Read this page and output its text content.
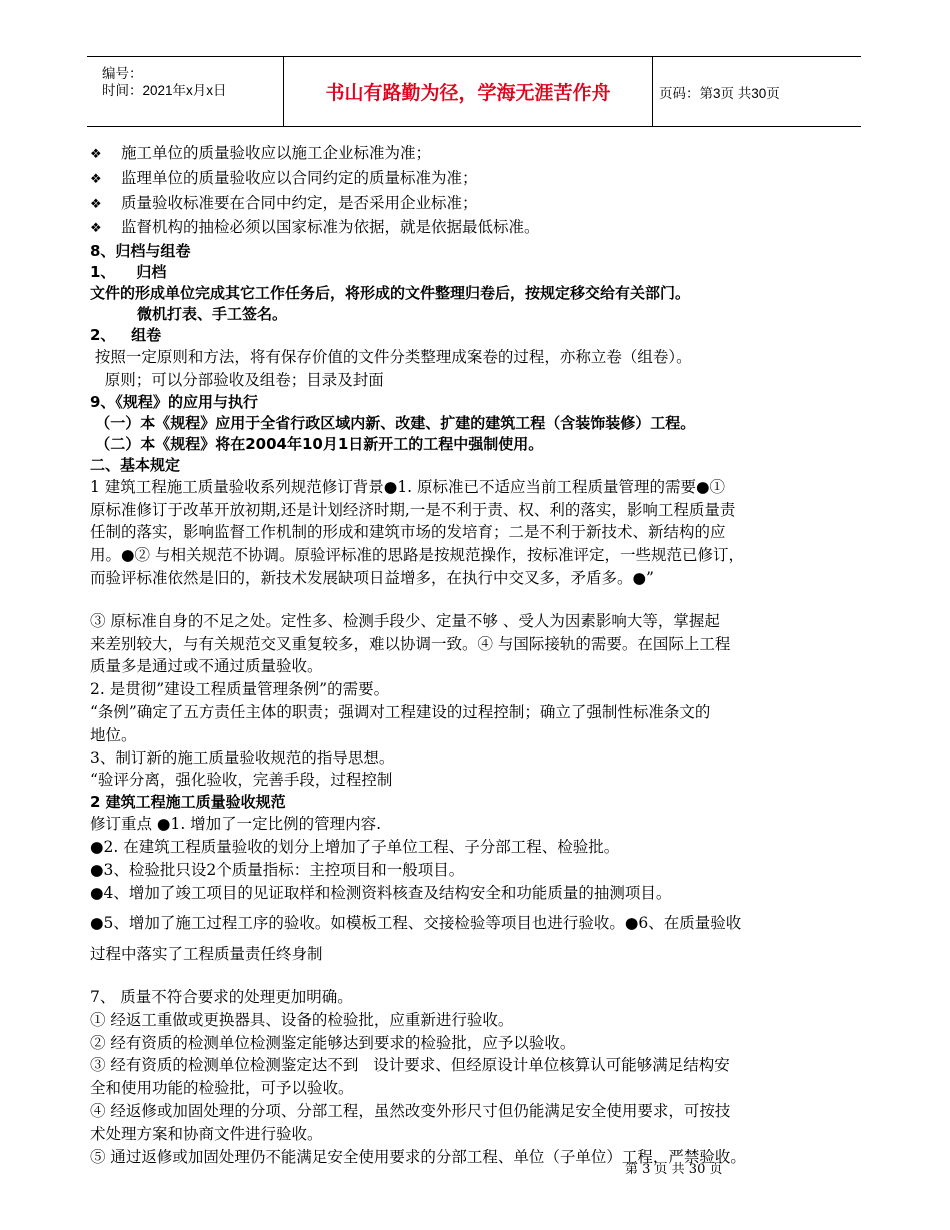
编号：
时间：2021年x月x日	书山有路勤为径，学海无涯苦作舟	页码：第3页 共30页
❖ 施工单位的质量验收应以施工企业标准为准；
❖ 监理单位的质量验收应以合同约定的质量标准为准；
❖ 质量验收标准要在合同中约定，是否采用企业标准；
❖ 监督机构的抽检必须以国家标准为依据，就是依据最低标准。
8、归档与组卷
1、    归档
文件的形成单位完成其它工作任务后，将形成的文件整理归卷后，按规定移交给有关部门。
微机打表、手工签名。
2、   组卷
按照一定原则和方法，将有保存价值的文件分类整理成案卷的过程，亦称立卷（组卷）。
原则；可以分部验收及组卷；目录及封面
9、《规程》的应用与执行
（一）本《规程》应用于全省行政区域内新、改建、扩建的建筑工程（含装饰装修）工程。
（二）本《规程》将在2004年10月1日新开工的工程中强制使用。
二、基本规定
1 建筑工程施工质量验收系列规范修订背景●1. 原标准已不适应当前工程质量管理的需要●①
原标准修订于改革开放初期,还是计划经济时期,一是不利于责、权、利的落实，影响工程质量责
任制的落实，影响监督工作机制的形成和建筑市场的发培育；二是不利于新技术、新结构的应
用。●② 与相关规范不协调。原验评标准的思路是按规范操作，按标准评定，一些规范已修订，
而验评标准依然是旧的，新技术发展缺项日益增多，在执行中交叉多，矛盾多。●”
③ 原标准自身的不足之处。定性多、检测手段少、定量不够 、受人为因素影响大等，掌握起
来差别较大，与有关规范交叉重复较多，难以协调一致。④ 与国际接轨的需要。在国际上工程
质量多是通过或不通过质量验收。
2. 是贯彻”建设工程质量管理条例”的需要。
“条例”确定了五方责任主体的职责；强调对工程建设的过程控制；确立了强制性标准条文的
地位。
3、制订新的施工质量验收规范的指导思想。
“验评分离，强化验收，完善手段，过程控制
2 建筑工程施工质量验收规范
修订重点 ●1. 增加了一定比例的管理内容.
●2. 在建筑工程质量验收的划分上增加了子单位工程、子分部工程、检验批。
●3、检验批只设2个质量指标：主控项目和一般项目。
●4、增加了竣工项目的见证取样和检测资料核查及结构安全和功能质量的抽测项目。
●5、增加了施工过程工序的验收。如模板工程、交接检验等项目也进行验收。●6、在质量验收
过程中落实了工程质量责任终身制
7、 质量不符合要求的处理更加明确。
① 经返工重做或更换器具、设备的检验批，应重新进行验收。
② 经有资质的检测单位检测鉴定能够达到要求的检验批，应予以验收。
③ 经有资质的检测单位检测鉴定达不到   设计要求、但经原设计单位核算认可能够满足结构安
全和使用功能的检验批，可予以验收。
④ 经返修或加固处理的分项、分部工程，虽然改变外形尺寸但仍能满足安全使用要求，可按技
术处理方案和协商文件进行验收。
⑤ 通过返修或加固处理仍不能满足安全使用要求的分部工程、单位（子单位）工程，严禁验收。
第 3 页 共 30 页
